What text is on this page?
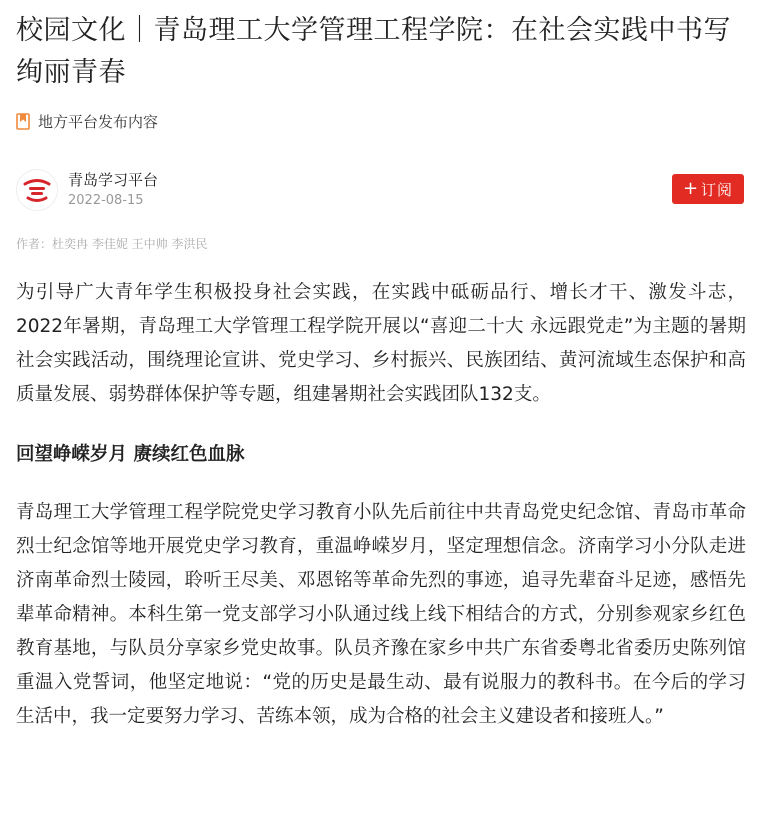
校园文化｜青岛理工大学管理工程学院：在社会实践中书写绚丽青春
地方平台发布内容
青岛学习平台
2022-08-15
+ 订阅
作者：杜奕冉 李佳妮 王中帅 李洪民

为引导广大青年学生积极投身社会实践，在实践中砥砺品行、增长才干、激发斗志，2022年暑期，青岛理工大学管理工程学院开展以“喜迎二十大 永远跟党走”为主题的暑期社会实践活动，围绕理论宣讲、党史学习、乡村振兴、民族团结、黄河流域生态保护和高质量发展、弱势群体保护等专题，组建暑期社会实践团队132支。

回望峥嵘岁月 赓续红色血脉

青岛理工大学管理工程学院党史学习教育小队先后前往中共青岛党史纪念馆、青岛市革命烈士纪念馆等地开展党史学习教育，重温峥嵘岁月，坚定理想信念。济南学习小分队走进济南革命烈士陵园，聆听王尽美、邓恩铭等革命先烈的事迹，追寻先辈奋斗足迹，感悟先辈革命精神。本科生第一党支部学习小队通过线上线下相结合的方式，分别参观家乡红色教育基地，与队员分享家乡党史故事。队员齐豫在家乡中共广东省委粤北省委历史陈列馆重温入党誓词，他坚定地说：“党的历史是最生动、最有说服力的教科书。在今后的学习生活中，我一定要努力学习、苦练本领，成为合格的社会主义建设者和接班人。”
